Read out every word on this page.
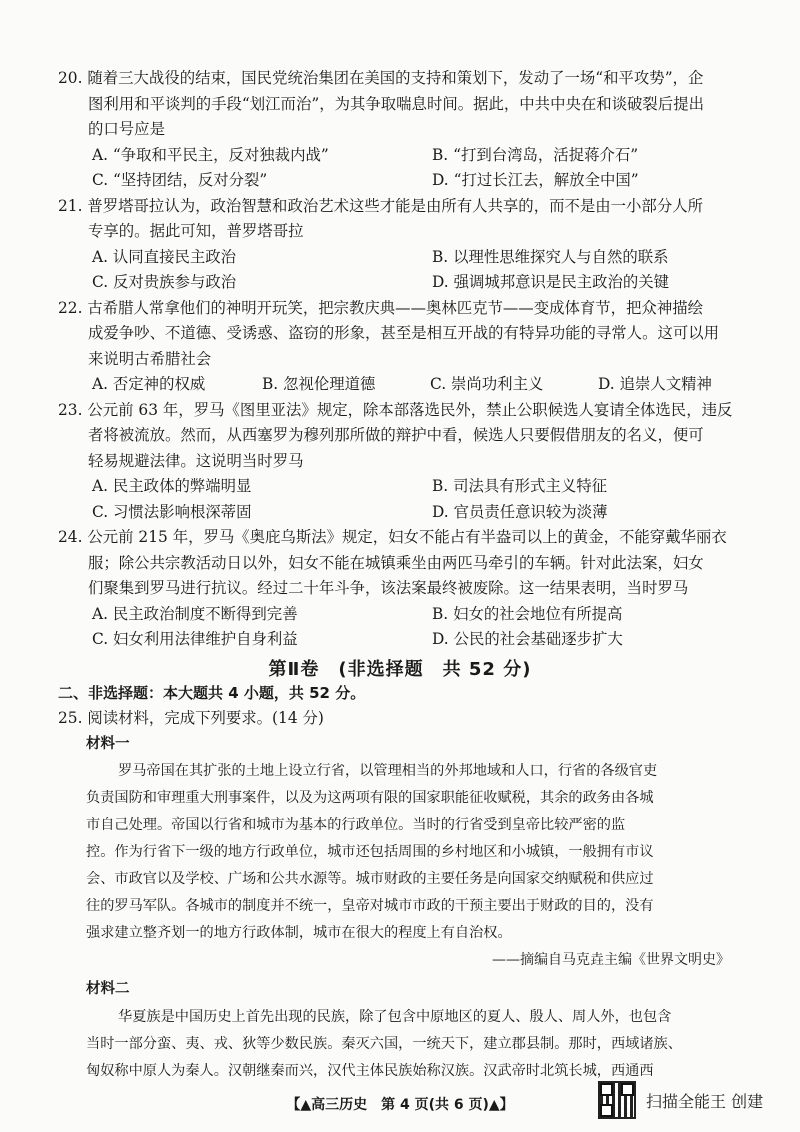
20. 随着三大战役的结束，国民党统治集团在美国的支持和策划下，发动了一场“和平攻势”，企
图利用和平谈判的手段“划江而治”，为其争取喘息时间。据此，中共中央在和谈破裂后提出
的口号应是
A. “争取和平民主，反对独裁内战”	B. “打到台湾岛，活捉蒋介石”
C. “坚持团结，反对分裂”	D. “打过长江去，解放全中国”
21. 普罗塔哥拉认为，政治智慧和政治艺术这些才能是由所有人共享的，而不是由一小部分人所
专享的。据此可知，普罗塔哥拉
A. 认同直接民主政治	B. 以理性思维探究人与自然的联系
C. 反对贵族参与政治	D. 强调城邦意识是民主政治的关键
22. 古希腊人常拿他们的神明开玩笑，把宗教庆典——奥林匹克节——变成体育节，把众神描绘
成爱争吵、不道德、受诱惑、盗窃的形象，甚至是相互开战的有特异功能的寻常人。这可以用
来说明古希腊社会
A. 否定神的权威	B. 忽视伦理道德	C. 崇尚功利主义	D. 追崇人文精神
23. 公元前 63 年，罗马《图里亚法》规定，除本部落选民外，禁止公职候选人宴请全体选民，违反
者将被流放。然而，从西塞罗为穆列那所做的辩护中看，候选人只要假借朋友的名义，便可
轻易规避法律。这说明当时罗马
A. 民主政体的弊端明显	B. 司法具有形式主义特征
C. 习惯法影响根深蒂固	D. 官员责任意识较为淡薄
24. 公元前 215 年，罗马《奥庇乌斯法》规定，妇女不能占有半盎司以上的黄金，不能穿戴华丽衣
服；除公共宗教活动日以外，妇女不能在城镇乘坐由两匹马牵引的车辆。针对此法案，妇女
们聚集到罗马进行抗议。经过二十年斗争，该法案最终被废除。这一结果表明，当时罗马
A. 民主政治制度不断得到完善	B. 妇女的社会地位有所提高
C. 妇女利用法律维护自身利益	D. 公民的社会基础逐步扩大
第Ⅱ卷　(非选择题　共 52 分)
二、非选择题：本大题共 4 小题，共 52 分。
25. 阅读材料，完成下列要求。(14 分)
材料一
罗马帝国在其扩张的土地上设立行省，以管理相当的外邦地域和人口，行省的各级官吏
负责国防和审理重大刑事案件，以及为这两项有限的国家职能征收赋税，其余的政务由各城
市自己处理。帝国以行省和城市为基本的行政单位。当时的行省受到皇帝比较严密的监
控。作为行省下一级的地方行政单位，城市还包括周围的乡村地区和小城镇，一般拥有市议
会、市政官以及学校、广场和公共水源等。城市财政的主要任务是向国家交纳赋税和供应过
往的罗马军队。各城市的制度并不统一，皇帝对城市市政的干预主要出于财政的目的，没有
强求建立整齐划一的地方行政体制，城市在很大的程度上有自治权。
——摘编自马克垚主编《世界文明史》
材料二
华夏族是中国历史上首先出现的民族，除了包含中原地区的夏人、殷人、周人外，也包含
当时一部分蛮、夷、戎、狄等少数民族。秦灭六国，一统天下，建立郡县制。那时，西域诸族、
匈奴称中原人为秦人。汉朝继秦而兴，汉代主体民族始称汉族。汉武帝时北筑长城，西通西
【▲高三历史　第 4 页(共 6 页)▲】	扫描全能王 创建
